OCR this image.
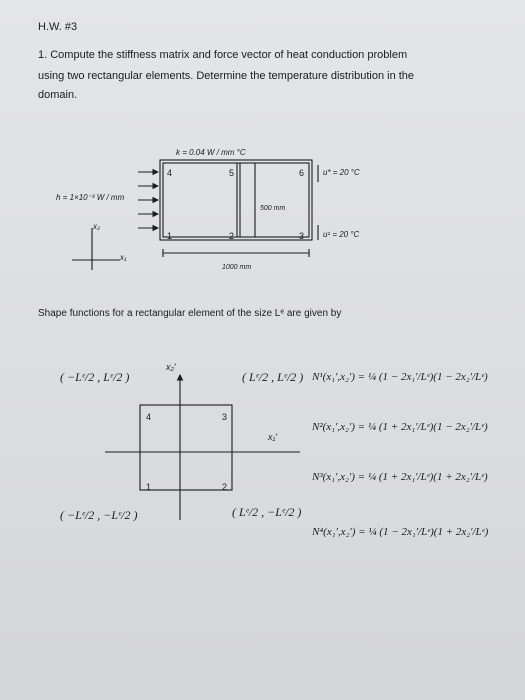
H.W. #3
1. Compute the stiffness matrix and force vector of heat conduction problem
using two rectangular elements. Determine the temperature distribution in the
domain.
k = 0.04 W / mm °C
h = 1×10⁻³ W / mm
u* = 20 °C
u¹ = 20 °C
500 mm
1000 mm
x₂
x₁
1	2	3
4	5	6
Shape functions for a rectangular element of the size Lᵉ are given by
( −Lᵉ/2 , Lᵉ/2 )	( Lᵉ/2 , Lᵉ/2 )
( −Lᵉ/2 , −Lᵉ/2 )	( Lᵉ/2 , −Lᵉ/2 )
x₂′
x₁′
1	2
3
4
N¹(x₁′,x₂′) = ¼ (1 − 2x₁′/Lᵉ)(1 − 2x₂′/Lᵉ)
N²(x₁′,x₂′) = ¼ (1 + 2x₁′/Lᵉ)(1 − 2x₂′/Lᵉ)
N³(x₁′,x₂′) = ¼ (1 + 2x₁′/Lᵉ)(1 + 2x₂′/Lᵉ)
N⁴(x₁′,x₂′) = ¼ (1 − 2x₁′/Lᵉ)(1 + 2x₂′/Lᵉ)
